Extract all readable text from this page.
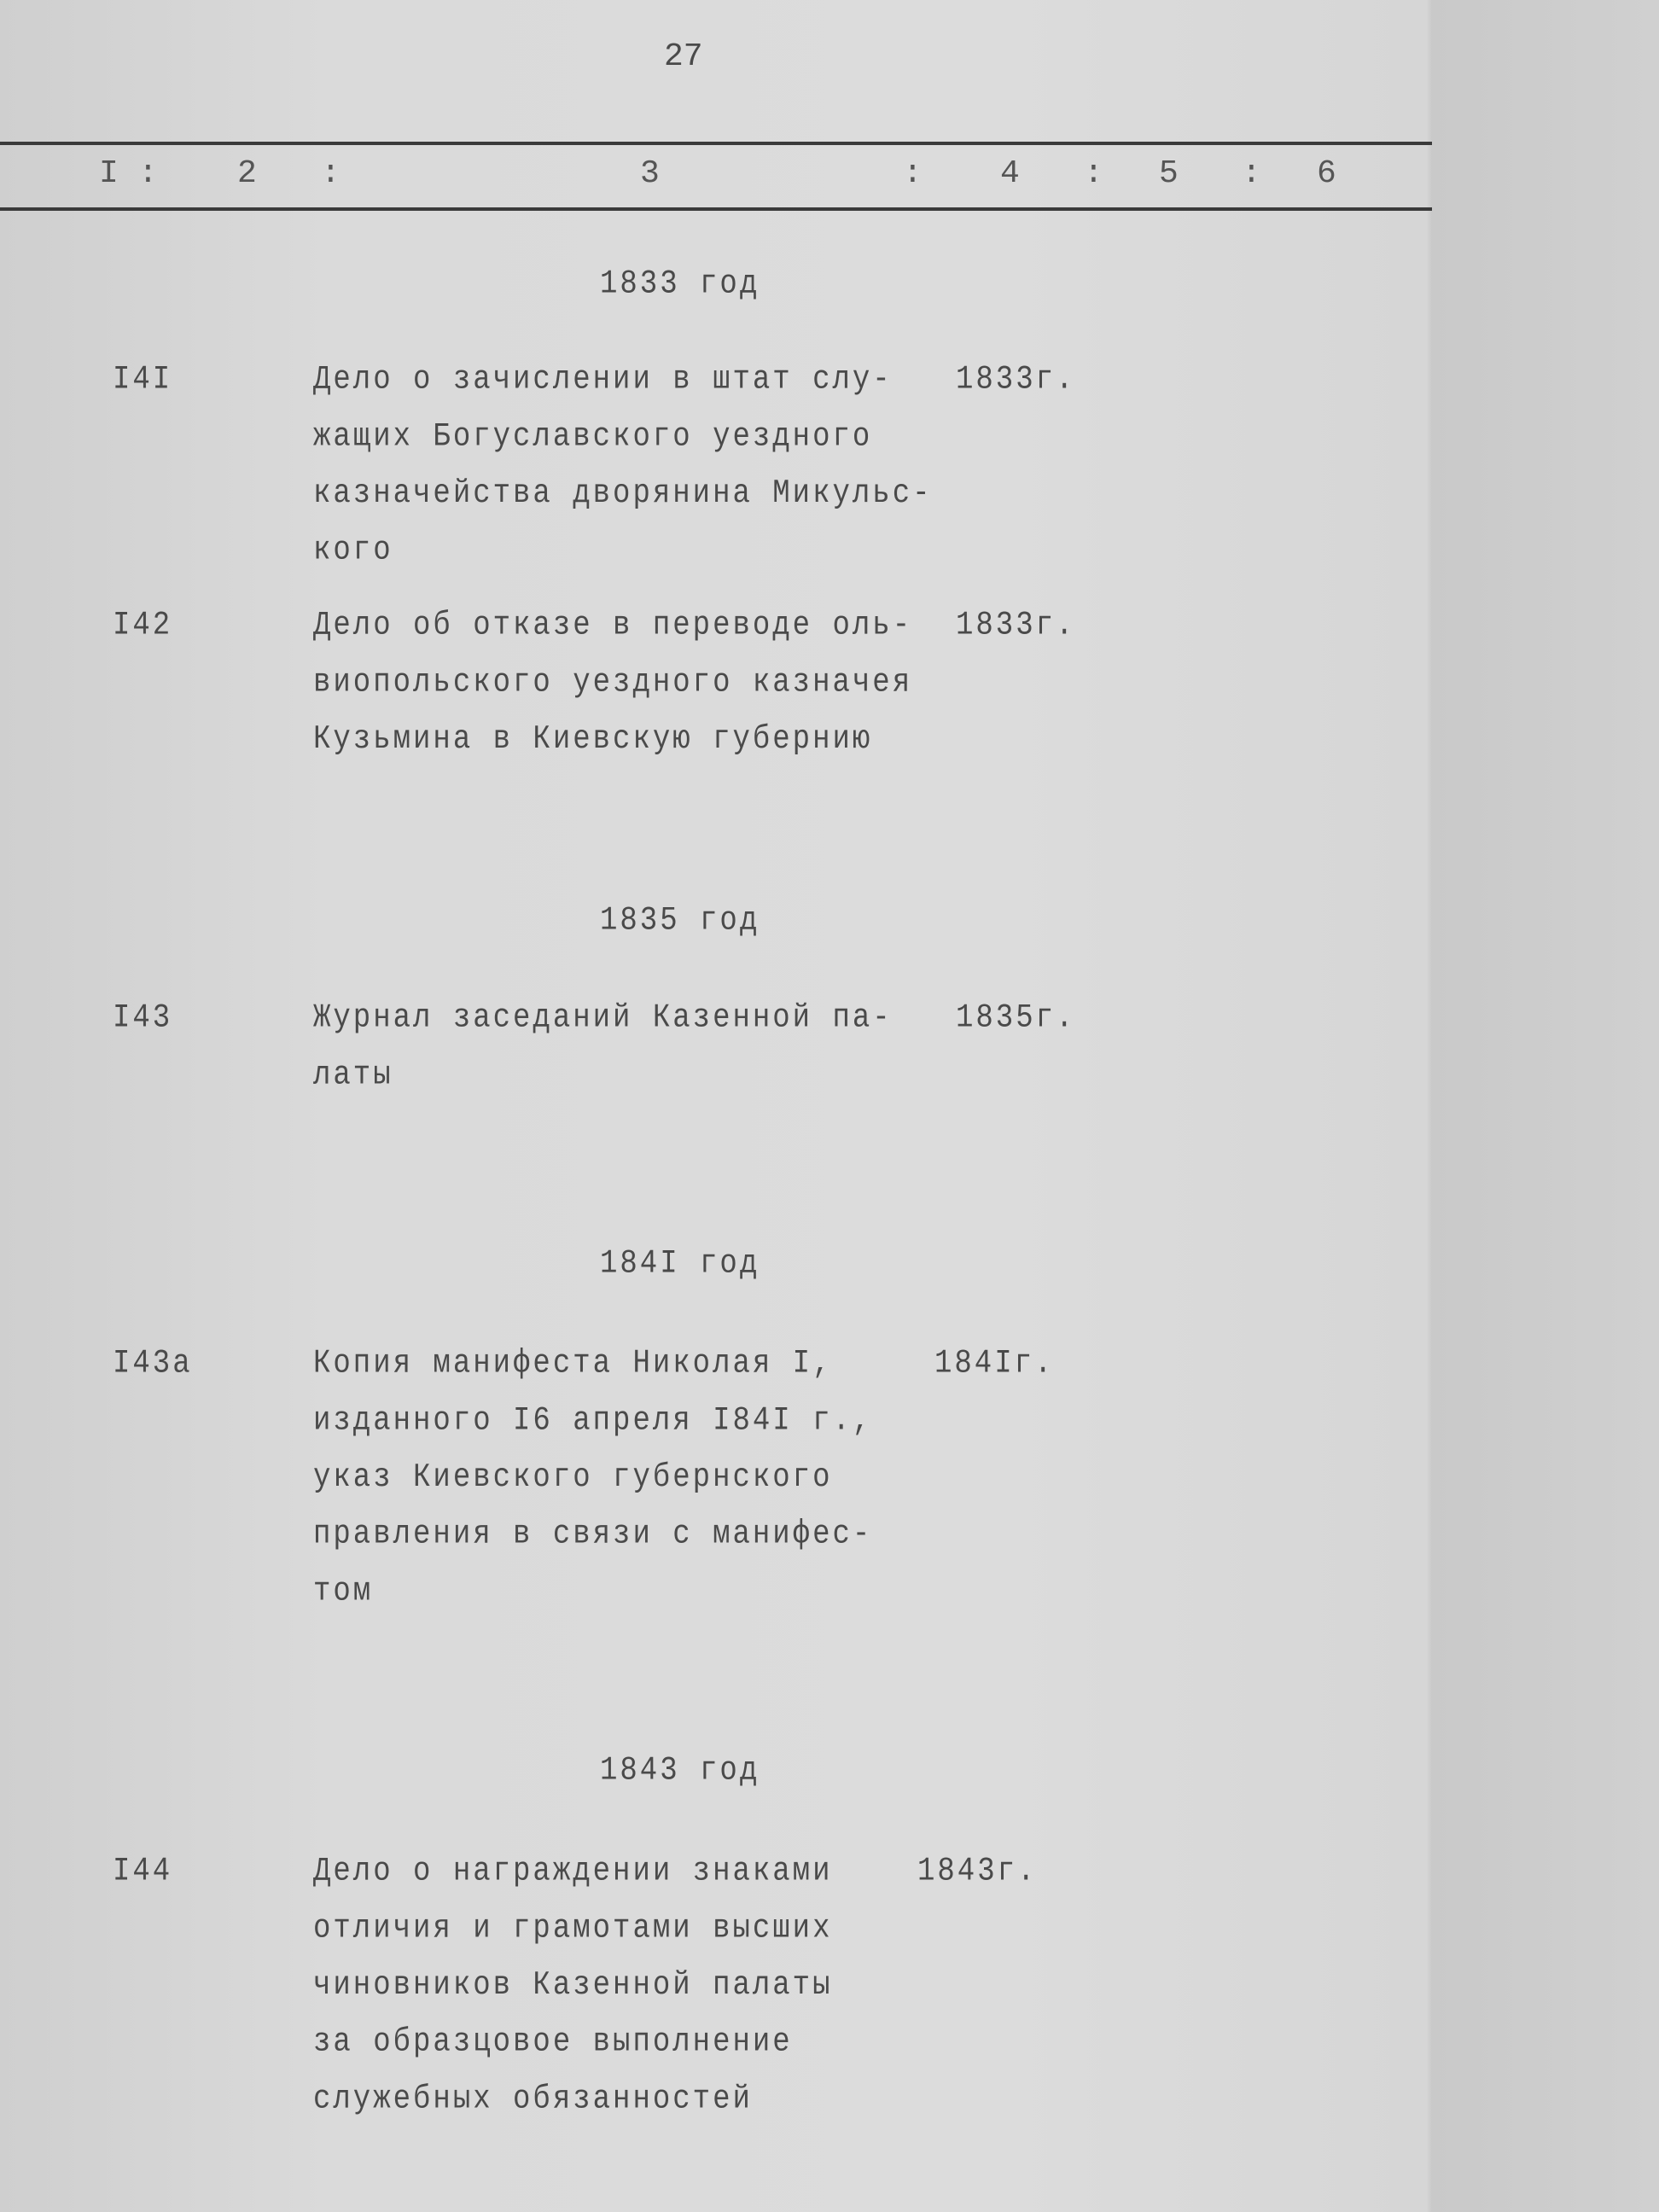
27
I : 2 :	3	: 4 : 5 : 6
1833 год
I4I	Дело о зачислении в штат слу-
жащих Богуславского уездного
казначейства дворянина Микульс-
кого
1833г.
I42	Дело об отказе в переводе оль-
виопольского уездного казначея
Кузьмина в Киевскую губернию
1833г.
1835 год
I43	Журнал заседаний Казенной па-
латы
1835г.
184I год
I43а	Копия манифеста Николая I,
изданного I6 апреля I84I г.,
указ Киевского губернского
правления в связи с манифес-
том
184Iг.
1843 год
I44	Дело о награждении знаками
отличия и грамотами высших
чиновников Казенной палаты
за образцовое выполнение
служебных обязанностей
1843г.
